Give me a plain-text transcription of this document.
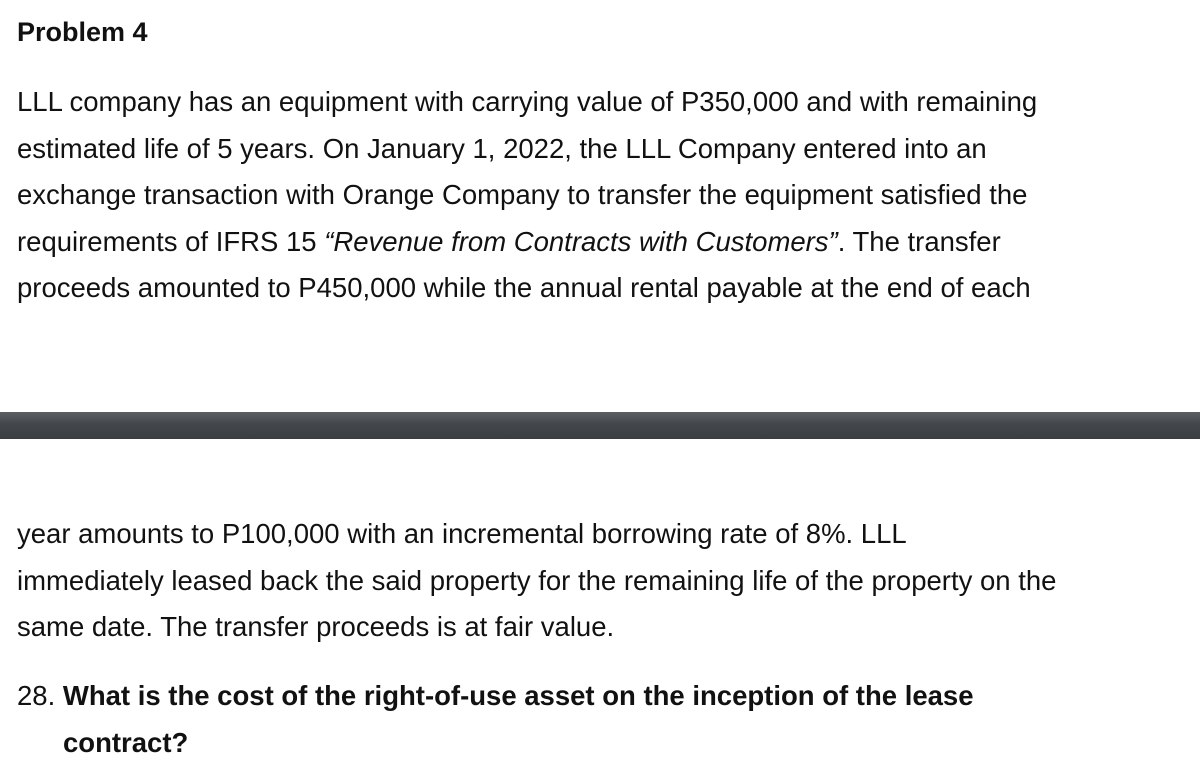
Problem 4
LLL company has an equipment with carrying value of P350,000 and with remaining
estimated life of 5 years. On January 1, 2022, the LLL Company entered into an
exchange transaction with Orange Company to transfer the equipment satisfied the
requirements of IFRS 15 “Revenue from Contracts with Customers”. The transfer
proceeds amounted to P450,000 while the annual rental payable at the end of each
year amounts to P100,000 with an incremental borrowing rate of 8%. LLL
immediately leased back the said property for the remaining life of the property on the
same date. The transfer proceeds is at fair value.
28. What is the cost of the right-of-use asset on the inception of the lease
contract?
